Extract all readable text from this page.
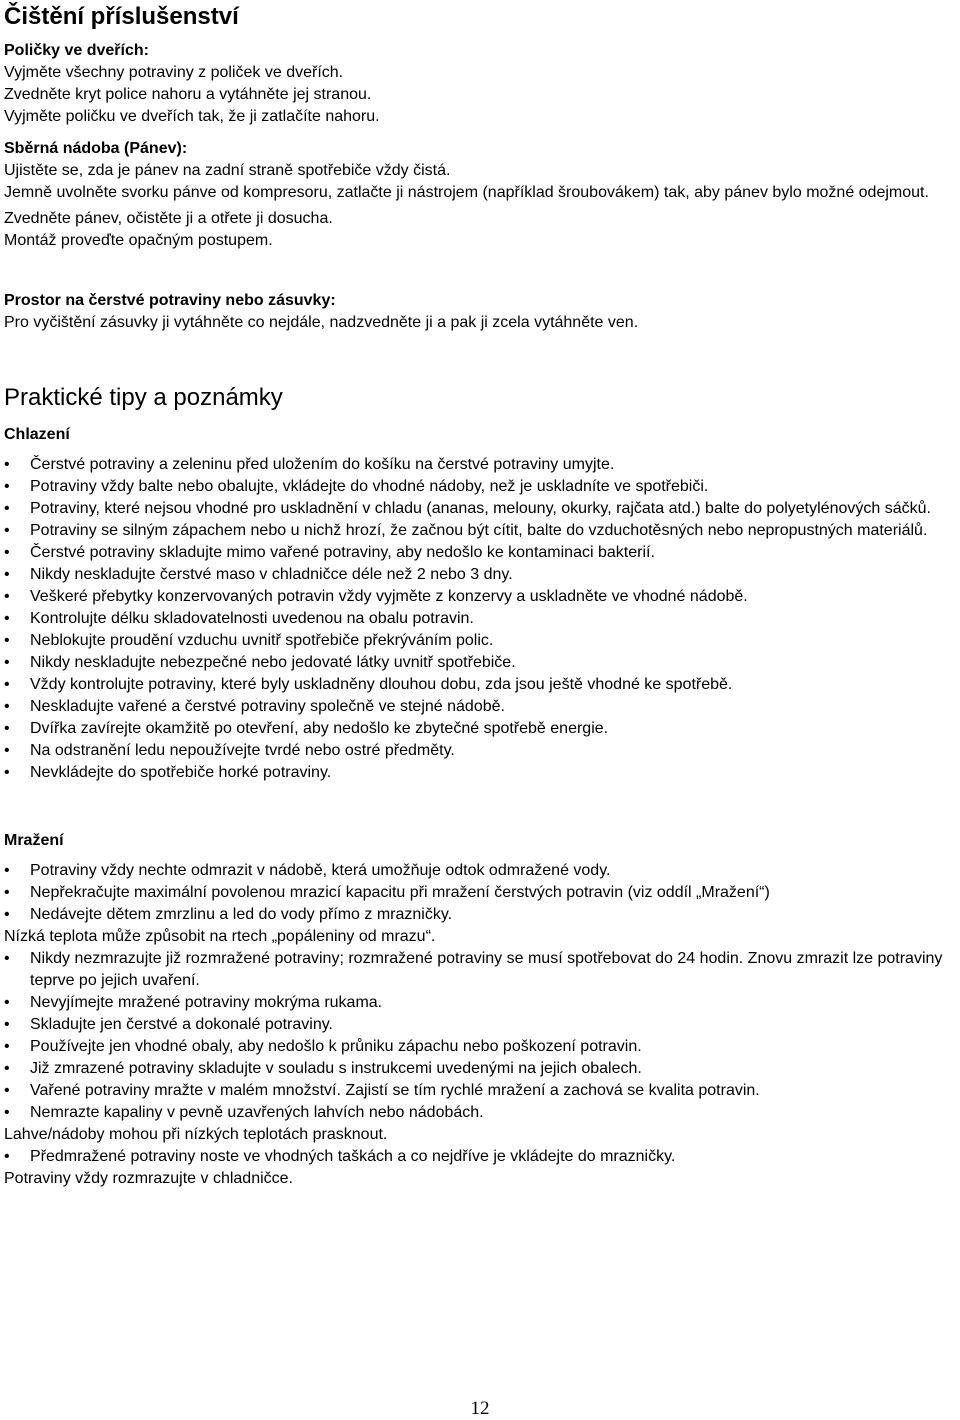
Čištění příslušenství

Poličky ve dveřích:

Vyjměte všechny potraviny z poliček ve dveřích.

Zvedněte kryt police nahoru a vytáhněte jej stranou.

Vyjměte poličku ve dveřích tak, že ji zatlačíte nahoru.

Sběrná nádoba (Pánev):

Ujistěte se, zda je pánev na zadní straně spotřebiče vždy čistá.

Jemně uvolněte svorku pánve od kompresoru, zatlačte ji nástrojem (například šroubovákem) tak, aby pánev bylo možné odejmout.

Zvedněte pánev, očistěte ji a otřete ji dosucha.

Montáž proveďte opačným postupem.

Prostor na čerstvé potraviny nebo zásuvky:

Pro vyčištění zásuvky ji vytáhněte co nejdále, nadzvedněte ji a pak ji zcela vytáhněte ven.

Praktické tipy a poznámky

Chlazení

•	Čerstvé potraviny a zeleninu před uložením do košíku na čerstvé potraviny umyjte.
•	Potraviny vždy balte nebo obalujte, vkládejte do vhodné nádoby, než je uskladníte ve spotřebiči.
•	Potraviny, které nejsou vhodné pro uskladnění v chladu (ananas, melouny, okurky, rajčata atd.) balte do polyetylénových sáčků.
•	Potraviny se silným zápachem nebo u nichž hrozí, že začnou být cítit, balte do vzduchotěsných nebo nepropustných materiálů.
•	Čerstvé potraviny skladujte mimo vařené potraviny, aby nedošlo ke kontaminaci bakterií.
•	Nikdy neskladujte čerstvé maso v chladničce déle než 2 nebo 3 dny.
•	Veškeré přebytky konzervovaných potravin vždy vyjměte z konzervy a uskladněte ve vhodné nádobě.
•	Kontrolujte délku skladovatelnosti uvedenou na obalu potravin.
•	Neblokujte proudění vzduchu uvnitř spotřebiče překrýváním polic.
•	Nikdy neskladujte nebezpečné nebo jedovaté látky uvnitř spotřebiče.
•	Vždy kontrolujte potraviny, které byly uskladněny dlouhou dobu, zda jsou ještě vhodné ke spotřebě.
•	Neskladujte vařené a čerstvé potraviny společně ve stejné nádobě.
•	Dvířka zavírejte okamžitě po otevření, aby nedošlo ke zbytečné spotřebě energie.
•	Na odstranění ledu nepoužívejte tvrdé nebo ostré předměty.
•	Nevkládejte do spotřebiče horké potraviny.

Mražení

•	Potraviny vždy nechte odmrazit v nádobě, která umožňuje odtok odmražené vody.
•	Nepřekračujte maximální povolenou mrazicí kapacitu při mražení čerstvých potravin (viz oddíl „Mražení“)
•	Nedávejte dětem zmrzlinu a led do vody přímo z mrazničky.

Nízká teplota může způsobit na rtech „popáleniny od mrazu“.

•	Nikdy nezmrazujte již rozmražené potraviny; rozmražené potraviny se musí spotřebovat do 24 hodin. Znovu zmrazit lze potraviny teprve po jejich uvaření.
•	Nevyjímejte mražené potraviny mokrýma rukama.
•	Skladujte jen čerstvé a dokonalé potraviny.
•	Používejte jen vhodné obaly, aby nedošlo k průniku zápachu nebo poškození potravin.
•	Již zmrazené potraviny skladujte v souladu s instrukcemi uvedenými na jejich obalech.
•	Vařené potraviny mražte v malém množství. Zajistí se tím rychlé mražení a zachová se kvalita potravin.
•	Nemrazte kapaliny v pevně uzavřených lahvích nebo nádobách.

Lahve/nádoby mohou při nízkých teplotách prasknout.

•	Předmražené potraviny noste ve vhodných taškách a co nejdříve je vkládejte do mrazničky.

Potraviny vždy rozmrazujte v chladničce.

12
